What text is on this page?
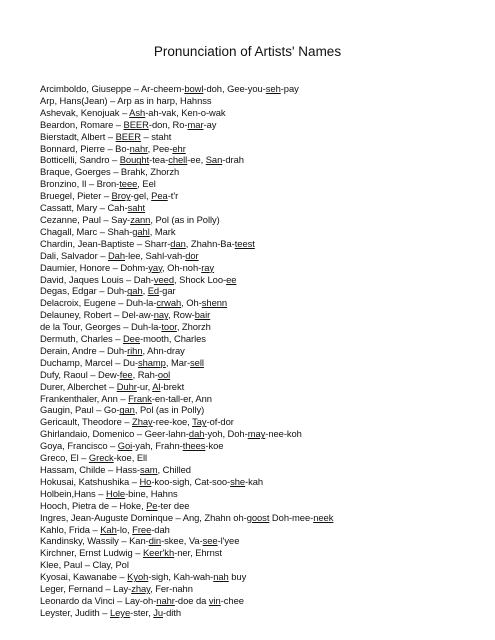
Pronunciation of Artists' Names
Arcimboldo, Giuseppe – Ar-cheem-bowl-doh, Gee-you-seh-pay
Arp, Hans(Jean) – Arp as in harp, Hahnss
Ashevak, Kenojuak – Ash-ah-vak, Ken-o-wak
Beardon, Romare – BEER-don, Ro-mar-ay
Bierstadt, Albert – BEER – staht
Bonnard, Pierre – Bo-nahr, Pee-ehr
Botticelli, Sandro – Bought-tea-chell-ee, San-drah
Braque, Goerges – Brahk, Zhorzh
Bronzino, Il – Bron-teee, Eel
Bruegel, Pieter – Broy-gel, Pea-t'r
Cassatt, Mary – Cah-saht
Cezanne, Paul – Say-zann, Pol (as in Polly)
Chagall, Marc – Shah-gahl, Mark
Chardin, Jean-Baptiste – Sharr-dan, Zhahn-Ba-teest
Dali, Salvador – Dah-lee, Sahl-vah-dor
Daumier, Honore – Dohm-yay, Oh-noh-ray
David, Jaques Louis – Dah-veed, Shock Loo-ee
Degas, Edgar – Duh-gah, Ed-gar
Delacroix, Eugene – Duh-la-crwah, Oh-shenn
Delauney, Robert – Del-aw-nay, Row-bair
de la Tour, Georges – Duh-la-toor, Zhorzh
Dermuth, Charles – Dee-mooth, Charles
Derain, Andre – Duh-rihn, Ahn-dray
Duchamp, Marcel – Du-shamp, Mar-sell
Dufy, Raoul – Dew-fee, Rah-ool
Durer, Alberchet – Duhr-ur, Al-brekt
Frankenthaler, Ann – Frank-en-tall-er, Ann
Gaugin, Paul – Go-gan, Pol (as in Polly)
Gericault, Theodore – Zhay-ree-koe, Tay-of-dor
Ghirlandaio, Domenico – Geer-lahn-dah-yoh, Doh-may-nee-koh
Goya, Francisco – Goi-yah, Frahn-thees-koe
Greco, El – Greck-koe, Ell
Hassam, Childe – Hass-sam, Chilled
Hokusai, Katshushika – Ho-koo-sigh, Cat-soo-she-kah
Holbein,Hans – Hole-bine, Hahns
Hooch, Pietra de – Hoke, Pe-ter dee
Ingres, Jean-Auguste Dominque – Ang, Zhahn oh-goost Doh-mee-neek
Kahlo, Frida – Kah-lo, Free-dah
Kandinsky, Wassily – Kan-din-skee, Va-see-l'yee
Kirchner, Ernst Ludwig – Keer'kh-ner, Ehrnst
Klee, Paul – Clay, Pol
Kyosai, Kawanabe – Kyoh-sigh, Kah-wah-nah buy
Leger, Fernand – Lay-zhay, Fer-nahn
Leonardo da Vinci – Lay-oh-nahr-doe da vin-chee
Leyster, Judith – Leye-ster, Ju-dith
